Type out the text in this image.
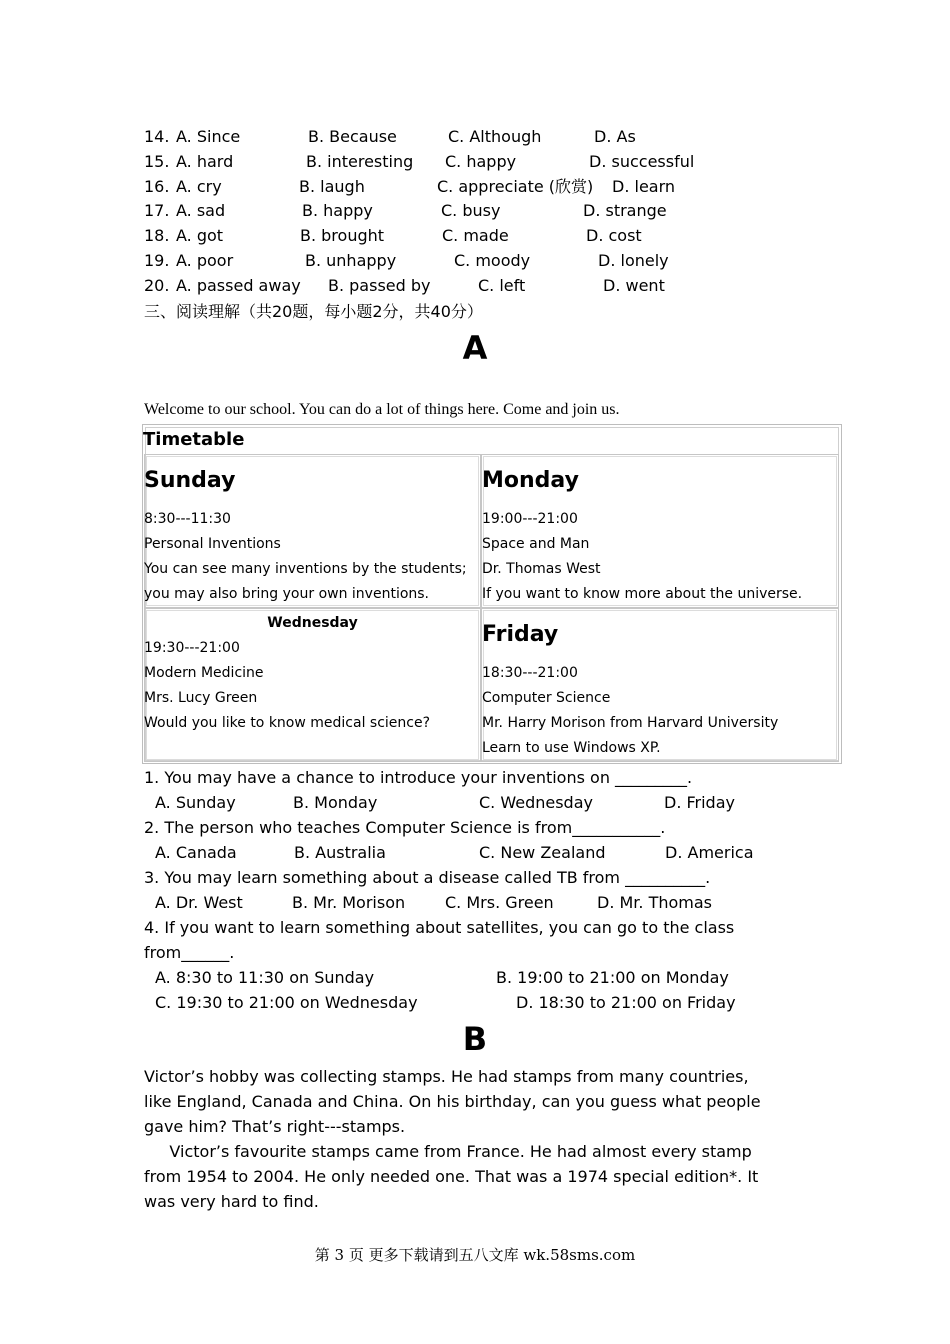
14. A. Since	B. Because	C. Although	D. As
15. A. hard	B. interesting C. happy	D. successful
16. A. cry	B. laugh	C. appreciate (欣赏) D. learn
17. A. sad	B. happy	C. busy	D. strange
18. A. got	B. brought	C. made	D. cost
19. A. poor	B. unhappy	C. moody	D. lonely
20. A. passed away B. passed by	C. left	D. went
三、阅读理解（共20题，每小题2分，共40分）
A
Welcome to our school. You can do a lot of things here. Come and join us.
Timetable
Sunday
8:30---11:30
Personal Inventions
You can see many inventions by the students;
you may also bring your own inventions.
Monday
19:00---21:00
Space and Man
Dr. Thomas West
If you want to know more about the universe.
Wednesday
19:30---21:00
Modern Medicine
Mrs. Lucy Green
Would you like to know medical science?
Friday
18:30---21:00
Computer Science
Mr. Harry Morison from Harvard University
Learn to use Windows XP.
1. You may have a chance to introduce your inventions on _________.
A. Sunday	B. Monday	C. Wednesday	D. Friday
2. The person who teaches Computer Science is from___________.
A. Canada	B. Australia	C. New Zealand	D. America
3. You may learn something about a disease called TB from __________.
A. Dr. West	B. Mr. Morison C. Mrs. Green	D. Mr. Thomas
4. If you want to learn something about satellites, you can go to the class
from______.
A. 8:30 to 11:30 on Sunday	B. 19:00 to 21:00 on Monday
C. 19:30 to 21:00 on Wednesday	D. 18:30 to 21:00 on Friday
B
Victor’s hobby was collecting stamps. He had stamps from many countries,
like England, Canada and China. On his birthday, can you guess what people
gave him? That’s right---stamps.
Victor’s favourite stamps came from France. He had almost every stamp
from 1954 to 2004. He only needed one. That was a 1974 special edition*. It
was very hard to find.
第 3 页 更多下载请到五八文库 wk.58sms.com
